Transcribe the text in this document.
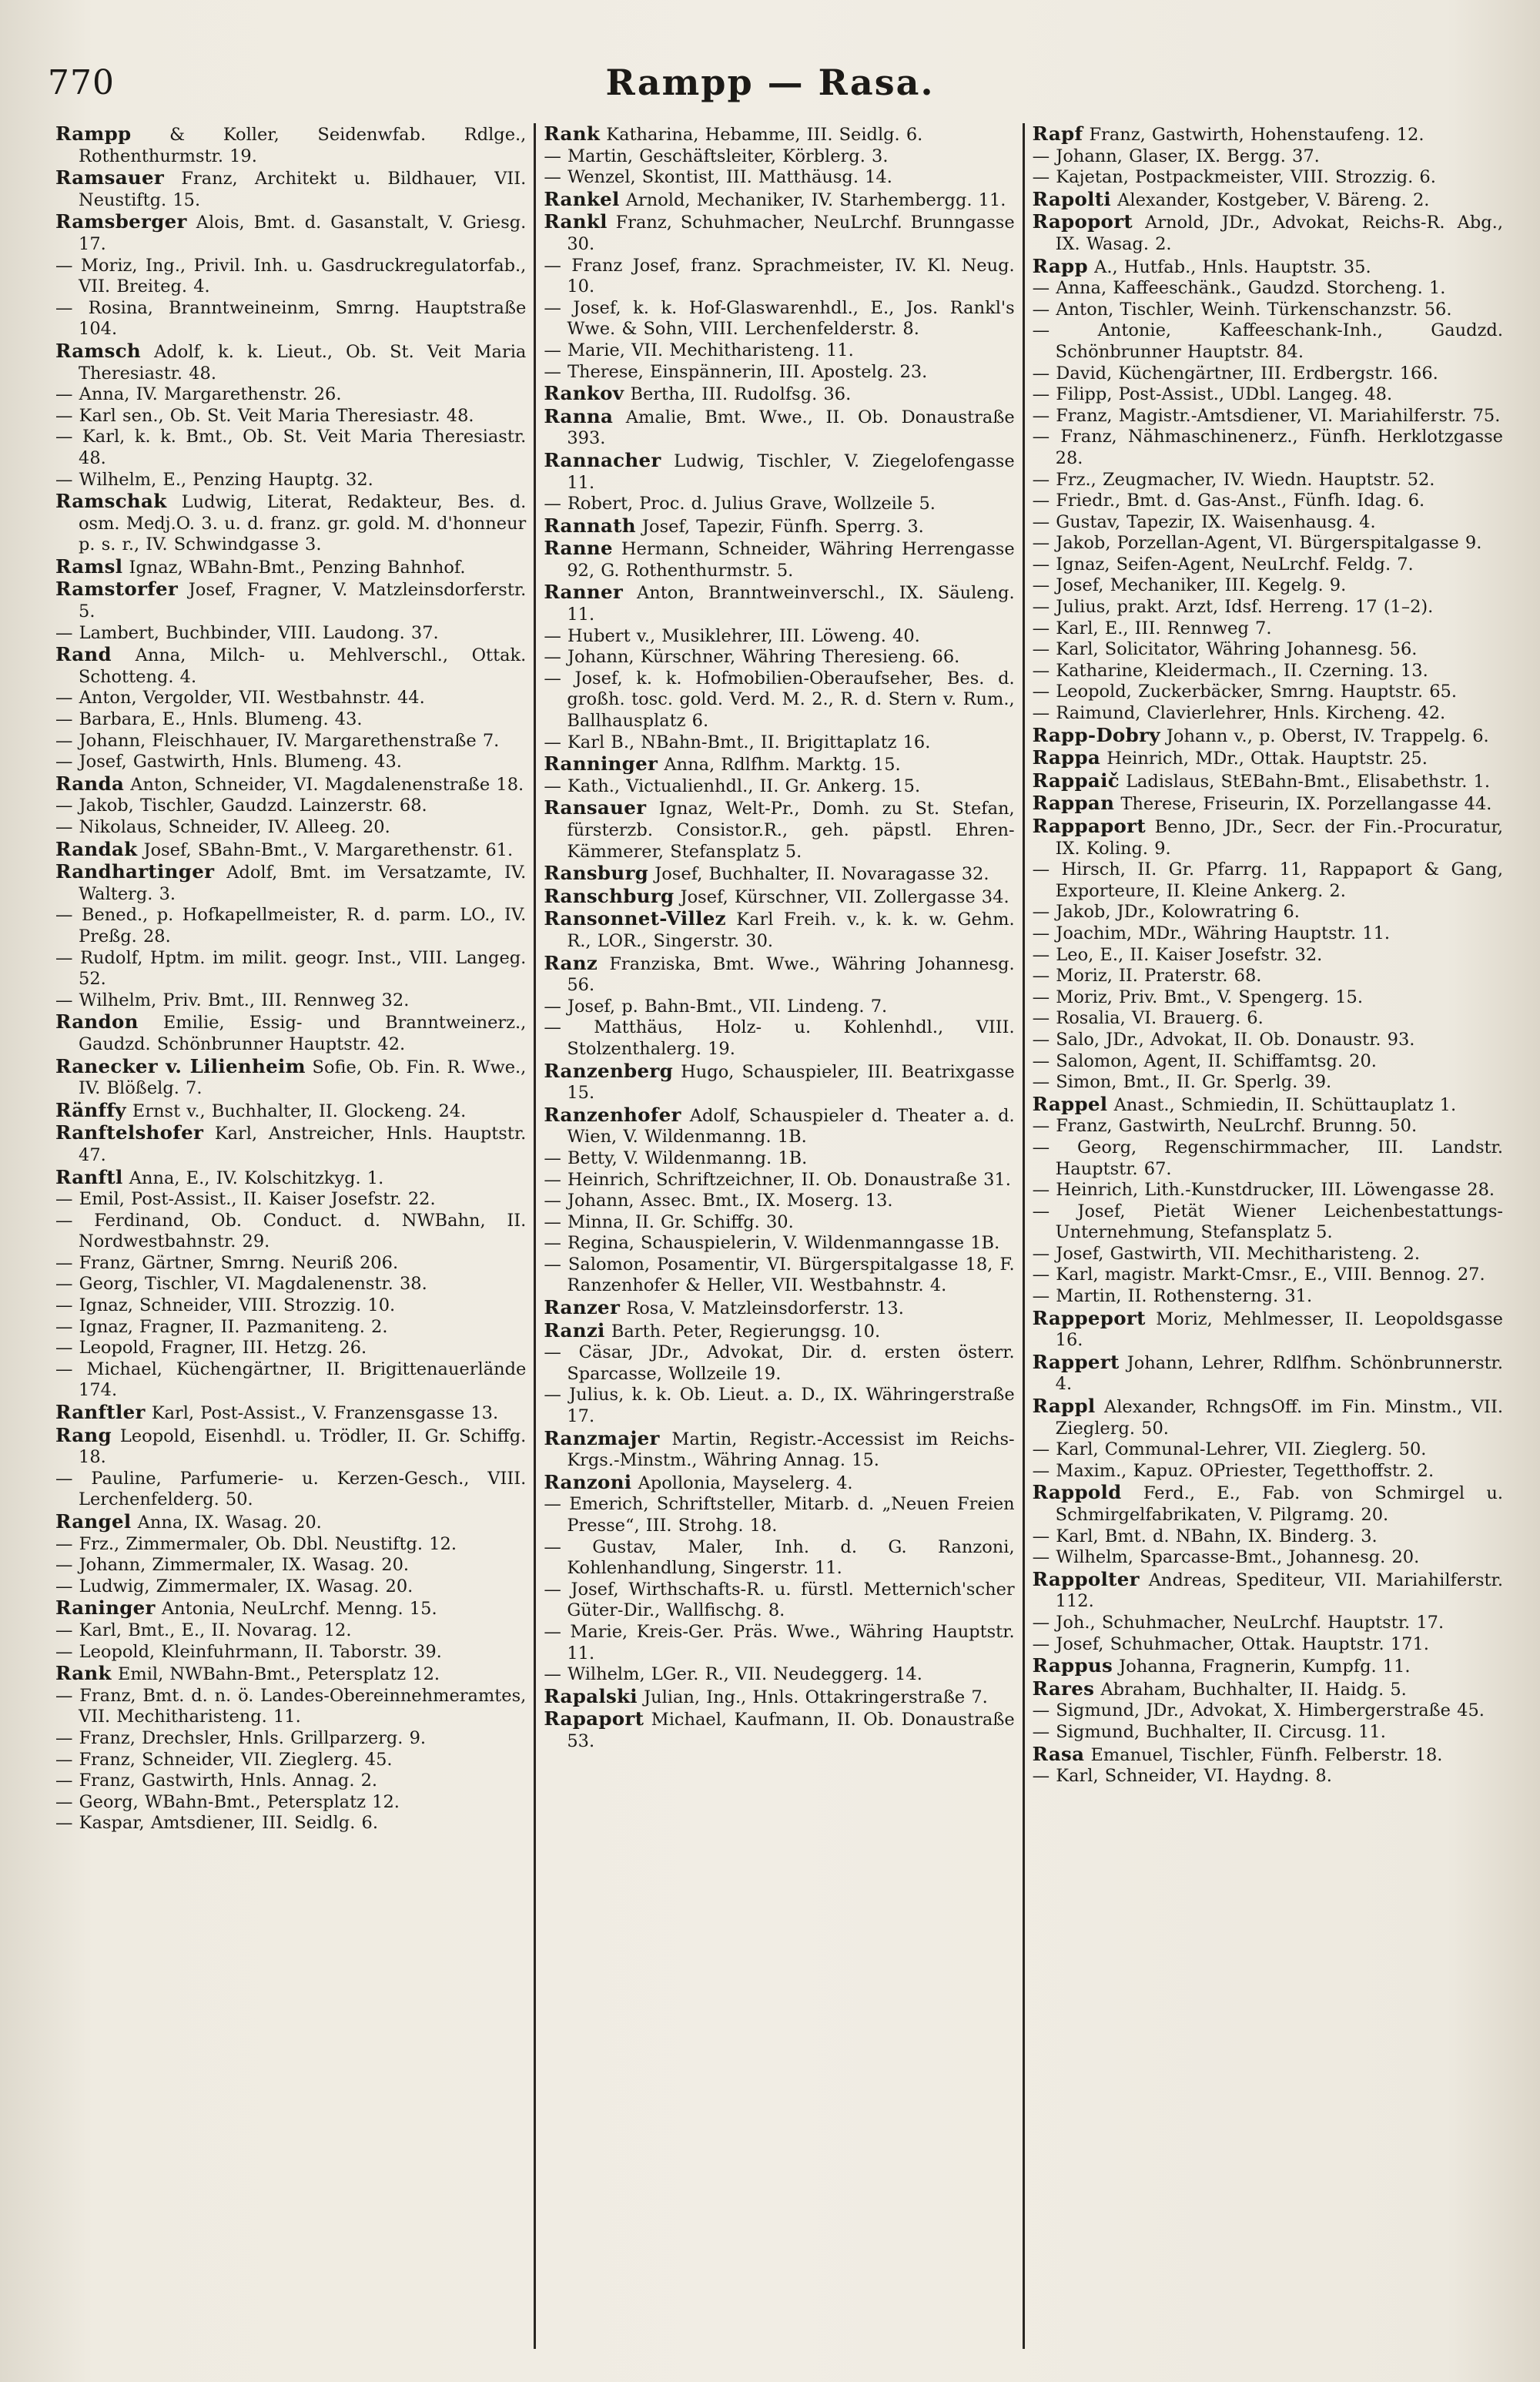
770	Rampp — Rasa.
Rampp & Koller, Seidenwfab. Rdlge., Rothenthurmstr. 19.
Ramsauer Franz, Architekt u. Bildhauer, VII. Neustiftg. 15.
Ramsberger Alois, Bmt. d. Gasanstalt, V. Griesg. 17.
— Moriz, Ing., Privil. Inh. u. Gasdruckregulatorfab., VII. Breiteg. 4.
— Rosina, Branntweineinm, Smrng. Hauptstraße 104.
Ramsch Adolf, k. k. Lieut., Ob. St. Veit Maria Theresiastr. 48.
— Anna, IV. Margarethenstr. 26.
— Karl sen., Ob. St. Veit Maria Theresiastr. 48.
— Karl, k. k. Bmt., Ob. St. Veit Maria Theresiastr. 48.
— Wilhelm, E., Penzing Hauptg. 32.
Ramschak Ludwig, Literat, Redakteur, Bes. d. osm. Medj.O. 3. u. d. franz. gr. gold. M. d'honneur p. s. r., IV. Schwindgasse 3.
Ramsl Ignaz, WBahn-Bmt., Penzing Bahnhof.
Ramstorfer Josef, Fragner, V. Matzleinsdorferstr. 5.
— Lambert, Buchbinder, VIII. Laudong. 37.
Rand Anna, Milch- u. Mehlverschl., Ottak. Schotteng. 4.
— Anton, Vergolder, VII. Westbahnstr. 44.
— Barbara, E., Hnls. Blumeng. 43.
— Johann, Fleischhauer, IV. Margarethenstraße 7.
— Josef, Gastwirth, Hnls. Blumeng. 43.
Randa Anton, Schneider, VI. Magdalenenstraße 18.
— Jakob, Tischler, Gaudzd. Lainzerstr. 68.
— Nikolaus, Schneider, IV. Alleeg. 20.
Randak Josef, SBahn-Bmt., V. Margarethenstr. 61.
Randhartinger Adolf, Bmt. im Versatzamte, IV. Walterg. 3.
— Bened., p. Hofkapellmeister, R. d. parm. LO., IV. Preßg. 28.
— Rudolf, Hptm. im milit. geogr. Inst., VIII. Langeg. 52.
— Wilhelm, Priv. Bmt., III. Rennweg 32.
Randon Emilie, Essig- und Branntweinerz., Gaudzd. Schönbrunner Hauptstr. 42.
Ranecker v. Lilienheim Sofie, Ob. Fin. R. Wwe., IV. Blößelg. 7.
Ränffy Ernst v., Buchhalter, II. Glockeng. 24.
Ranftelshofer Karl, Anstreicher, Hnls. Hauptstr. 47.
Ranftl Anna, E., IV. Kolschitzkyg. 1.
— Emil, Post-Assist., II. Kaiser Josefstr. 22.
— Ferdinand, Ob. Conduct. d. NWBahn, II. Nordwestbahnstr. 29.
— Franz, Gärtner, Smrng. Neuriß 206.
— Georg, Tischler, VI. Magdalenenstr. 38.
— Ignaz, Schneider, VIII. Strozzig. 10.
— Ignaz, Fragner, II. Pazmaniteng. 2.
— Leopold, Fragner, III. Hetzg. 26.
— Michael, Küchengärtner, II. Brigittenauerlände 174.
Ranftler Karl, Post-Assist., V. Franzensgasse 13.
Rang Leopold, Eisenhdl. u. Trödler, II. Gr. Schiffg. 18.
— Pauline, Parfumerie- u. Kerzen-Gesch., VIII. Lerchenfelderg. 50.
Rangel Anna, IX. Wasag. 20.
— Frz., Zimmermaler, Ob. Dbl. Neustiftg. 12.
— Johann, Zimmermaler, IX. Wasag. 20.
— Ludwig, Zimmermaler, IX. Wasag. 20.
Raninger Antonia, NeuLrchf. Menng. 15.
— Karl, Bmt., E., II. Novarag. 12.
— Leopold, Kleinfuhrmann, II. Taborstr. 39.
Rank Emil, NWBahn-Bmt., Petersplatz 12.
— Franz, Bmt. d. n. ö. Landes-Obereinnehmeramtes, VII. Mechitharisteng. 11.
— Franz, Drechsler, Hnls. Grillparzerg. 9.
— Franz, Schneider, VII. Zieglerg. 45.
— Franz, Gastwirth, Hnls. Annag. 2.
— Georg, WBahn-Bmt., Petersplatz 12.
— Kaspar, Amtsdiener, III. Seidlg. 6.
Rank Katharina, Hebamme, III. Seidlg. 6.
— Martin, Geschäftsleiter, Körblerg. 3.
— Wenzel, Skontist, III. Matthäusg. 14.
Rankel Arnold, Mechaniker, IV. Starhembergg. 11.
Rankl Franz, Schuhmacher, NeuLrchf. Brunngasse 30.
— Franz Josef, franz. Sprachmeister, IV. Kl. Neug. 10.
— Josef, k. k. Hof-Glaswarenhdl., E., Jos. Rankl's Wwe. & Sohn, VIII. Lerchenfelderstr. 8.
— Marie, VII. Mechitharisteng. 11.
— Therese, Einspännerin, III. Apostelg. 23.
Rankov Bertha, III. Rudolfsg. 36.
Ranna Amalie, Bmt. Wwe., II. Ob. Donaustraße 393.
Rannacher Ludwig, Tischler, V. Ziegelofengasse 11.
— Robert, Proc. d. Julius Grave, Wollzeile 5.
Rannath Josef, Tapezir, Fünfh. Sperrg. 3.
Ranne Hermann, Schneider, Währing Herrengasse 92, G. Rothenthurmstr. 5.
Ranner Anton, Branntweinverschl., IX. Säuleng. 11.
— Hubert v., Musiklehrer, III. Löweng. 40.
— Johann, Kürschner, Währing Theresieng. 66.
— Josef, k. k. Hofmobilien-Oberaufseher, Bes. d. großh. tosc. gold. Verd. M. 2., R. d. Stern v. Rum., Ballhausplatz 6.
— Karl B., NBahn-Bmt., II. Brigittaplatz 16.
Ranninger Anna, Rdlfhm. Marktg. 15.
— Kath., Victualienhdl., II. Gr. Ankerg. 15.
Ransauer Ignaz, Welt-Pr., Domh. zu St. Stefan, fürsterzb. Consistor.R., geh. päpstl. Ehren-Kämmerer, Stefansplatz 5.
Ransburg Josef, Buchhalter, II. Novaragasse 32.
Ranschburg Josef, Kürschner, VII. Zollergasse 34.
Ransonnet-Villez Karl Freih. v., k. k. w. Gehm. R., LOR., Singerstr. 30.
Ranz Franziska, Bmt. Wwe., Währing Johannesg. 56.
— Josef, p. Bahn-Bmt., VII. Lindeng. 7.
— Matthäus, Holz- u. Kohlenhdl., VIII. Stolzenthalerg. 19.
Ranzenberg Hugo, Schauspieler, III. Beatrixgasse 15.
Ranzenhofer Adolf, Schauspieler d. Theater a. d. Wien, V. Wildenmanng. 1B.
— Betty, V. Wildenmanng. 1B.
— Heinrich, Schriftzeichner, II. Ob. Donaustraße 31.
— Johann, Assec. Bmt., IX. Moserg. 13.
— Minna, II. Gr. Schiffg. 30.
— Regina, Schauspielerin, V. Wildenmanngasse 1B.
— Salomon, Posamentir, VI. Bürgerspitalgasse 18, F. Ranzenhofer & Heller, VII. Westbahnstr. 4.
Ranzer Rosa, V. Matzleinsdorferstr. 13.
Ranzi Barth. Peter, Regierungsg. 10.
— Cäsar, JDr., Advokat, Dir. d. ersten österr. Sparcasse, Wollzeile 19.
— Julius, k. k. Ob. Lieut. a. D., IX. Währingerstraße 17.
Ranzmajer Martin, Registr.-Accessist im Reichs-Krgs.-Minstm., Währing Annag. 15.
Ranzoni Apollonia, Mayselerg. 4.
— Emerich, Schriftsteller, Mitarb. d. „Neuen Freien Presse“, III. Strohg. 18.
— Gustav, Maler, Inh. d. G. Ranzoni, Kohlenhandlung, Singerstr. 11.
— Josef, Wirthschafts-R. u. fürstl. Metternich'scher Güter-Dir., Wallfischg. 8.
— Marie, Kreis-Ger. Präs. Wwe., Währing Hauptstr. 11.
— Wilhelm, LGer. R., VII. Neudeggerg. 14.
Rapalski Julian, Ing., Hnls. Ottakringerstraße 7.
Rapaport Michael, Kaufmann, II. Ob. Donaustraße 53.
Rapf Franz, Gastwirth, Hohenstaufeng. 12.
— Johann, Glaser, IX. Bergg. 37.
— Kajetan, Postpackmeister, VIII. Strozzig. 6.
Rapolti Alexander, Kostgeber, V. Bäreng. 2.
Rapoport Arnold, JDr., Advokat, Reichs-R. Abg., IX. Wasag. 2.
Rapp A., Hutfab., Hnls. Hauptstr. 35.
— Anna, Kaffeeschänk., Gaudzd. Storcheng. 1.
— Anton, Tischler, Weinh. Türkenschanzstr. 56.
— Antonie, Kaffeeschank-Inh., Gaudzd. Schönbrunner Hauptstr. 84.
— David, Küchengärtner, III. Erdbergstr. 166.
— Filipp, Post-Assist., UDbl. Langeg. 48.
— Franz, Magistr.-Amtsdiener, VI. Mariahilferstr. 75.
— Franz, Nähmaschinenerz., Fünfh. Herklotzgasse 28.
— Frz., Zeugmacher, IV. Wiedn. Hauptstr. 52.
— Friedr., Bmt. d. Gas-Anst., Fünfh. Idag. 6.
— Gustav, Tapezir, IX. Waisenhausg. 4.
— Jakob, Porzellan-Agent, VI. Bürgerspitalgasse 9.
— Ignaz, Seifen-Agent, NeuLrchf. Feldg. 7.
— Josef, Mechaniker, III. Kegelg. 9.
— Julius, prakt. Arzt, Idsf. Herreng. 17 (1–2).
— Karl, E., III. Rennweg 7.
— Karl, Solicitator, Währing Johannesg. 56.
— Katharine, Kleidermach., II. Czerning. 13.
— Leopold, Zuckerbäcker, Smrng. Hauptstr. 65.
— Raimund, Clavierlehrer, Hnls. Kircheng. 42.
Rapp-Dobry Johann v., p. Oberst, IV. Trappelg. 6.
Rappa Heinrich, MDr., Ottak. Hauptstr. 25.
Rappaič Ladislaus, StEBahn-Bmt., Elisabethstr. 1.
Rappan Therese, Friseurin, IX. Porzellangasse 44.
Rappaport Benno, JDr., Secr. der Fin.-Procuratur, IX. Koling. 9.
— Hirsch, II. Gr. Pfarrg. 11, Rappaport & Gang, Exporteure, II. Kleine Ankerg. 2.
— Jakob, JDr., Kolowratring 6.
— Joachim, MDr., Währing Hauptstr. 11.
— Leo, E., II. Kaiser Josefstr. 32.
— Moriz, II. Praterstr. 68.
— Moriz, Priv. Bmt., V. Spengerg. 15.
— Rosalia, VI. Brauerg. 6.
— Salo, JDr., Advokat, II. Ob. Donaustr. 93.
— Salomon, Agent, II. Schiffamtsg. 20.
— Simon, Bmt., II. Gr. Sperlg. 39.
Rappel Anast., Schmiedin, II. Schüttauplatz 1.
— Franz, Gastwirth, NeuLrchf. Brunng. 50.
— Georg, Regenschirmmacher, III. Landstr. Hauptstr. 67.
— Heinrich, Lith.-Kunstdrucker, III. Löwengasse 28.
— Josef, Pietät Wiener Leichenbestattungs-Unternehmung, Stefansplatz 5.
— Josef, Gastwirth, VII. Mechitharisteng. 2.
— Karl, magistr. Markt-Cmsr., E., VIII. Bennog. 27.
— Martin, II. Rothensterng. 31.
Rappeport Moriz, Mehlmesser, II. Leopoldsgasse 16.
Rappert Johann, Lehrer, Rdlfhm. Schönbrunnerstr. 4.
Rappl Alexander, RchngsOff. im Fin. Minstm., VII. Zieglerg. 50.
— Karl, Communal-Lehrer, VII. Zieglerg. 50.
— Maxim., Kapuz. OPriester, Tegetthoffstr. 2.
Rappold Ferd., E., Fab. von Schmirgel u. Schmirgelfabrikaten, V. Pilgramg. 20.
— Karl, Bmt. d. NBahn, IX. Binderg. 3.
— Wilhelm, Sparcasse-Bmt., Johannesg. 20.
Rappolter Andreas, Spediteur, VII. Mariahilferstr. 112.
— Joh., Schuhmacher, NeuLrchf. Hauptstr. 17.
— Josef, Schuhmacher, Ottak. Hauptstr. 171.
Rappus Johanna, Fragnerin, Kumpfg. 11.
Rares Abraham, Buchhalter, II. Haidg. 5.
— Sigmund, JDr., Advokat, X. Himbergerstraße 45.
— Sigmund, Buchhalter, II. Circusg. 11.
Rasa Emanuel, Tischler, Fünfh. Felberstr. 18.
— Karl, Schneider, VI. Haydng. 8.
